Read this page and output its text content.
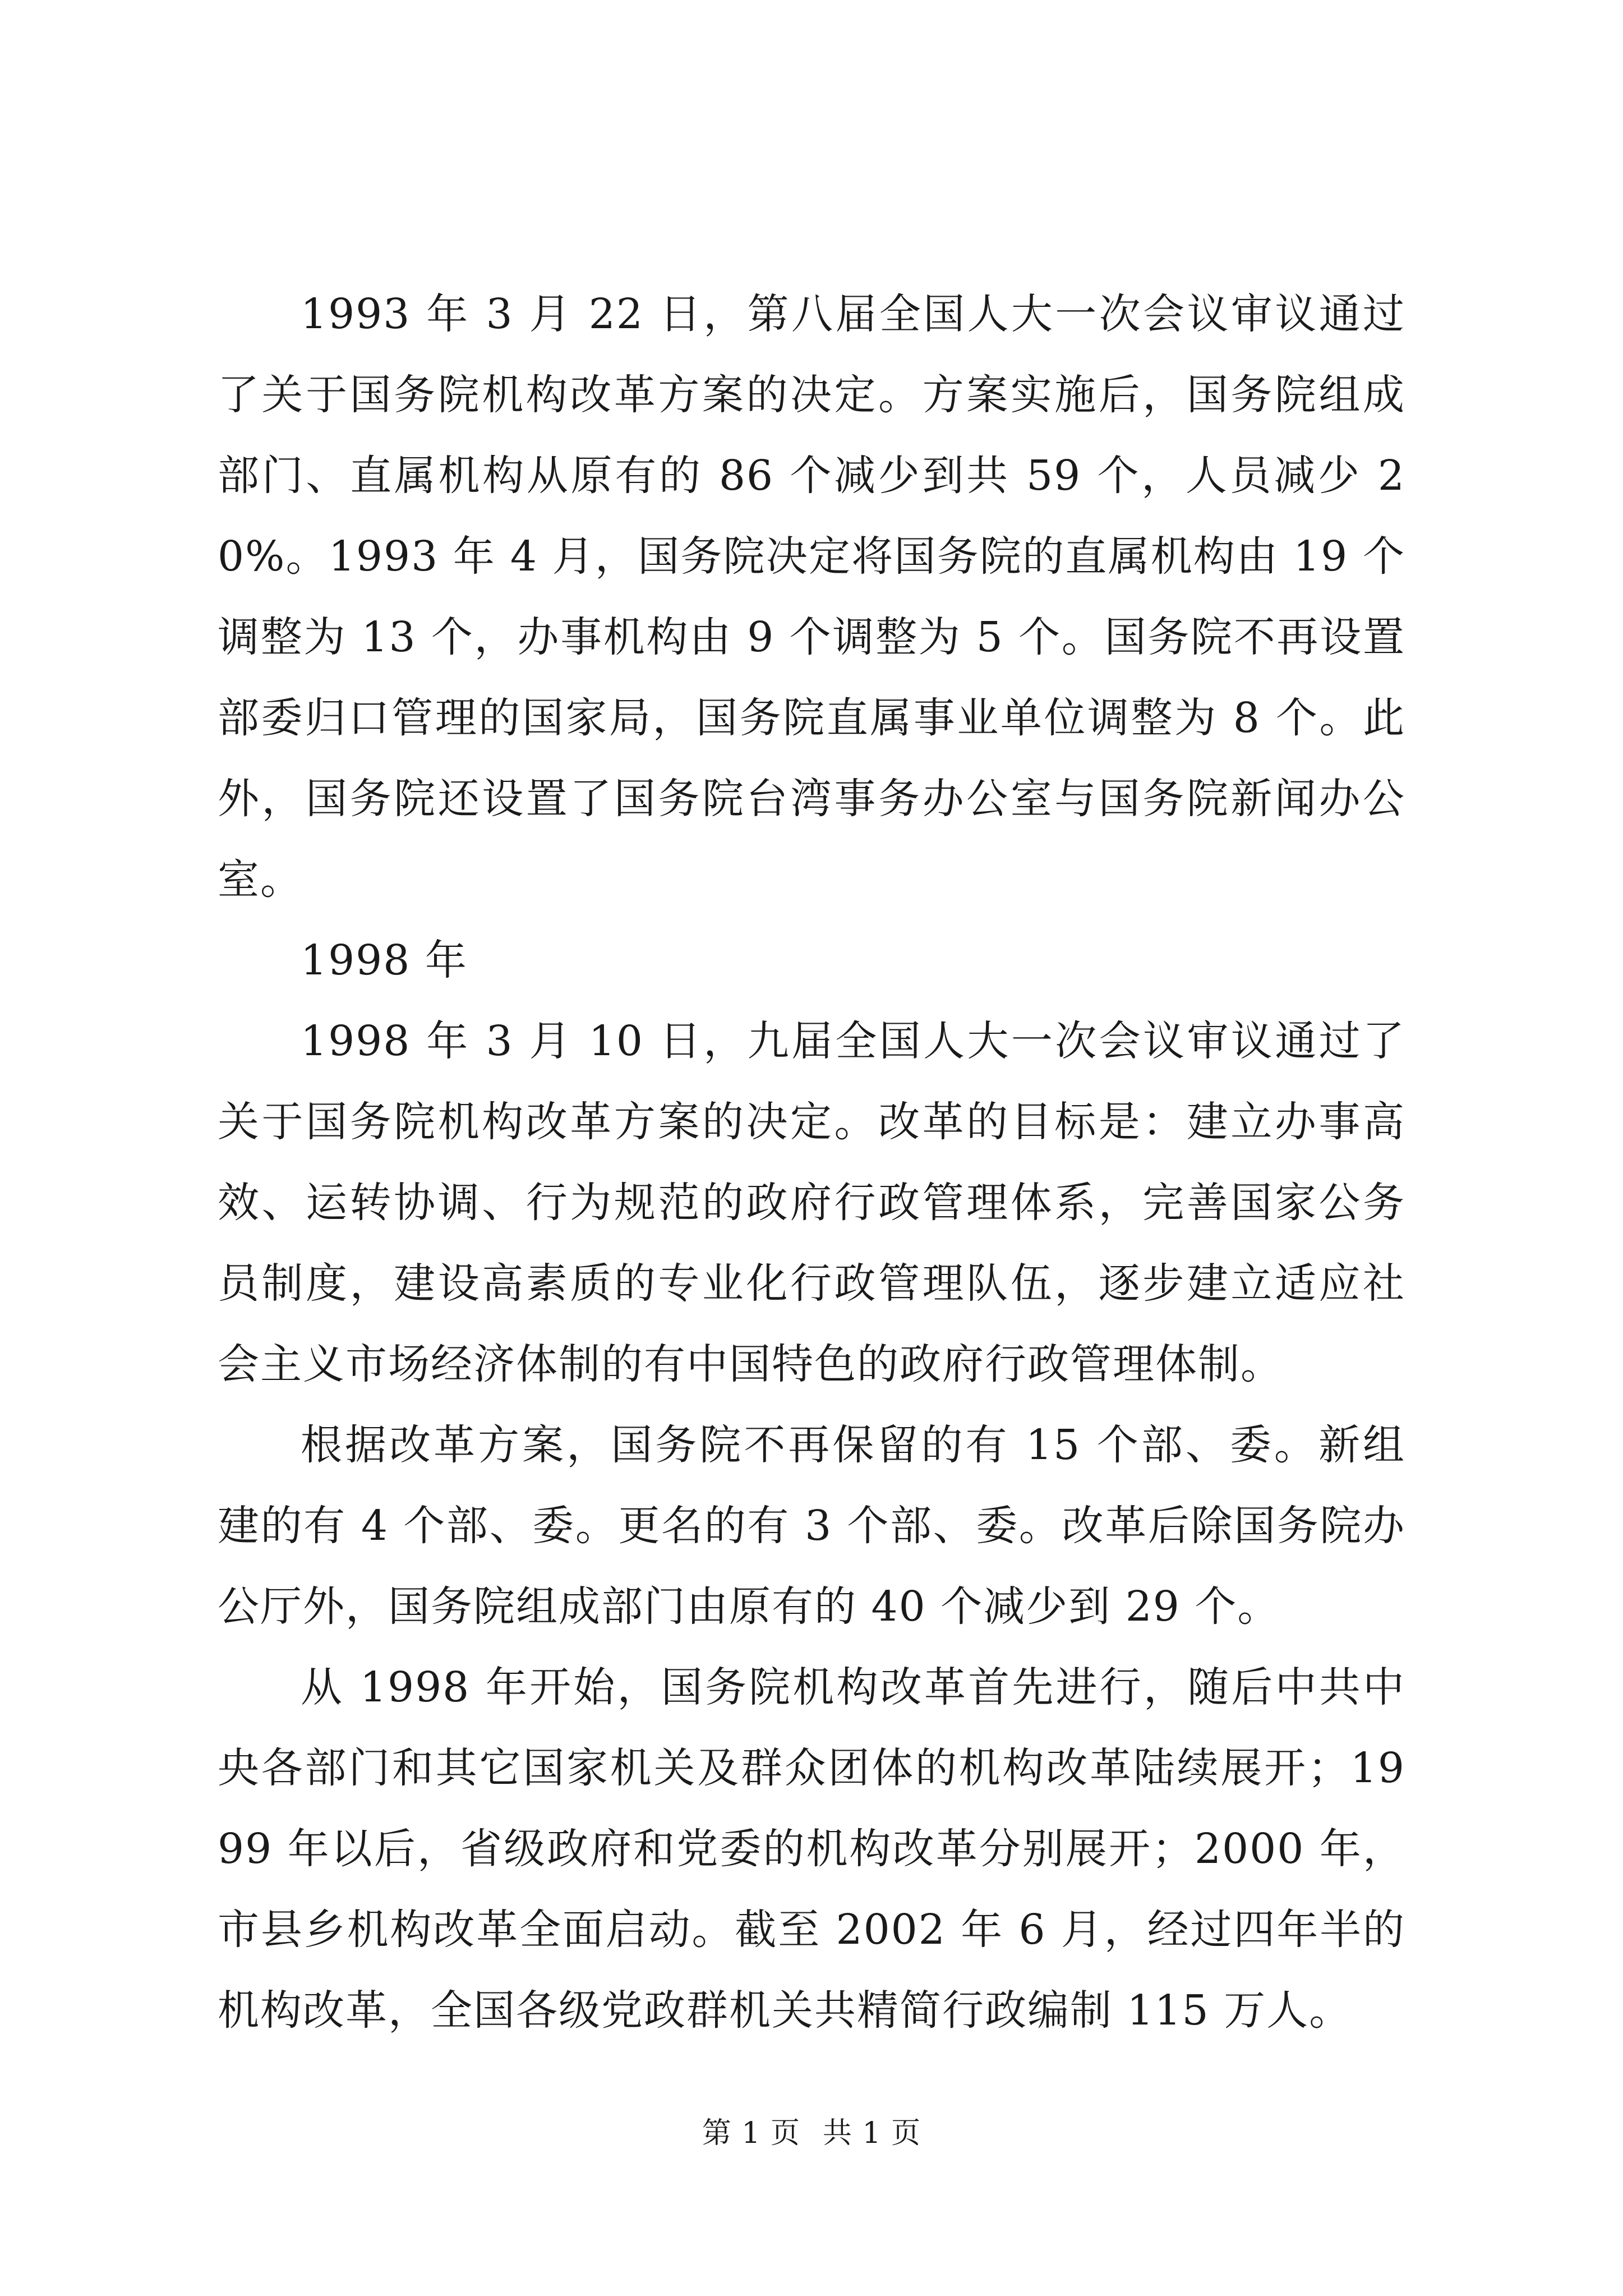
1993 年 3 月 22 日，第八届全国人大一次会议审议通过了关于国务院机构改革方案的决定。方案实施后，国务院组成部门、直属机构从原有的 86 个减少到共 59 个，人员减少 20%。1993 年 4 月，国务院决定将国务院的直属机构由 19 个调整为 13 个，办事机构由 9 个调整为 5 个。国务院不再设置部委归口管理的国家局，国务院直属事业单位调整为 8 个。此外，国务院还设置了国务院台湾事务办公室与国务院新闻办公室。

1998 年

1998 年 3 月 10 日，九届全国人大一次会议审议通过了关于国务院机构改革方案的决定。改革的目标是：建立办事高效、运转协调、行为规范的政府行政管理体系，完善国家公务员制度，建设高素质的专业化行政管理队伍，逐步建立适应社会主义市场经济体制的有中国特色的政府行政管理体制。

根据改革方案，国务院不再保留的有 15 个部、委。新组建的有 4 个部、委。更名的有 3 个部、委。改革后除国务院办公厅外，国务院组成部门由原有的 40 个减少到 29 个。

从 1998 年开始，国务院机构改革首先进行，随后中共中央各部门和其它国家机关及群众团体的机构改革陆续展开；1999 年以后，省级政府和党委的机构改革分别展开；2000 年，市县乡机构改革全面启动。截至 2002 年 6 月，经过四年半的机构改革，全国各级党政群机关共精简行政编制 115 万人。

第 1 页 共 1 页
